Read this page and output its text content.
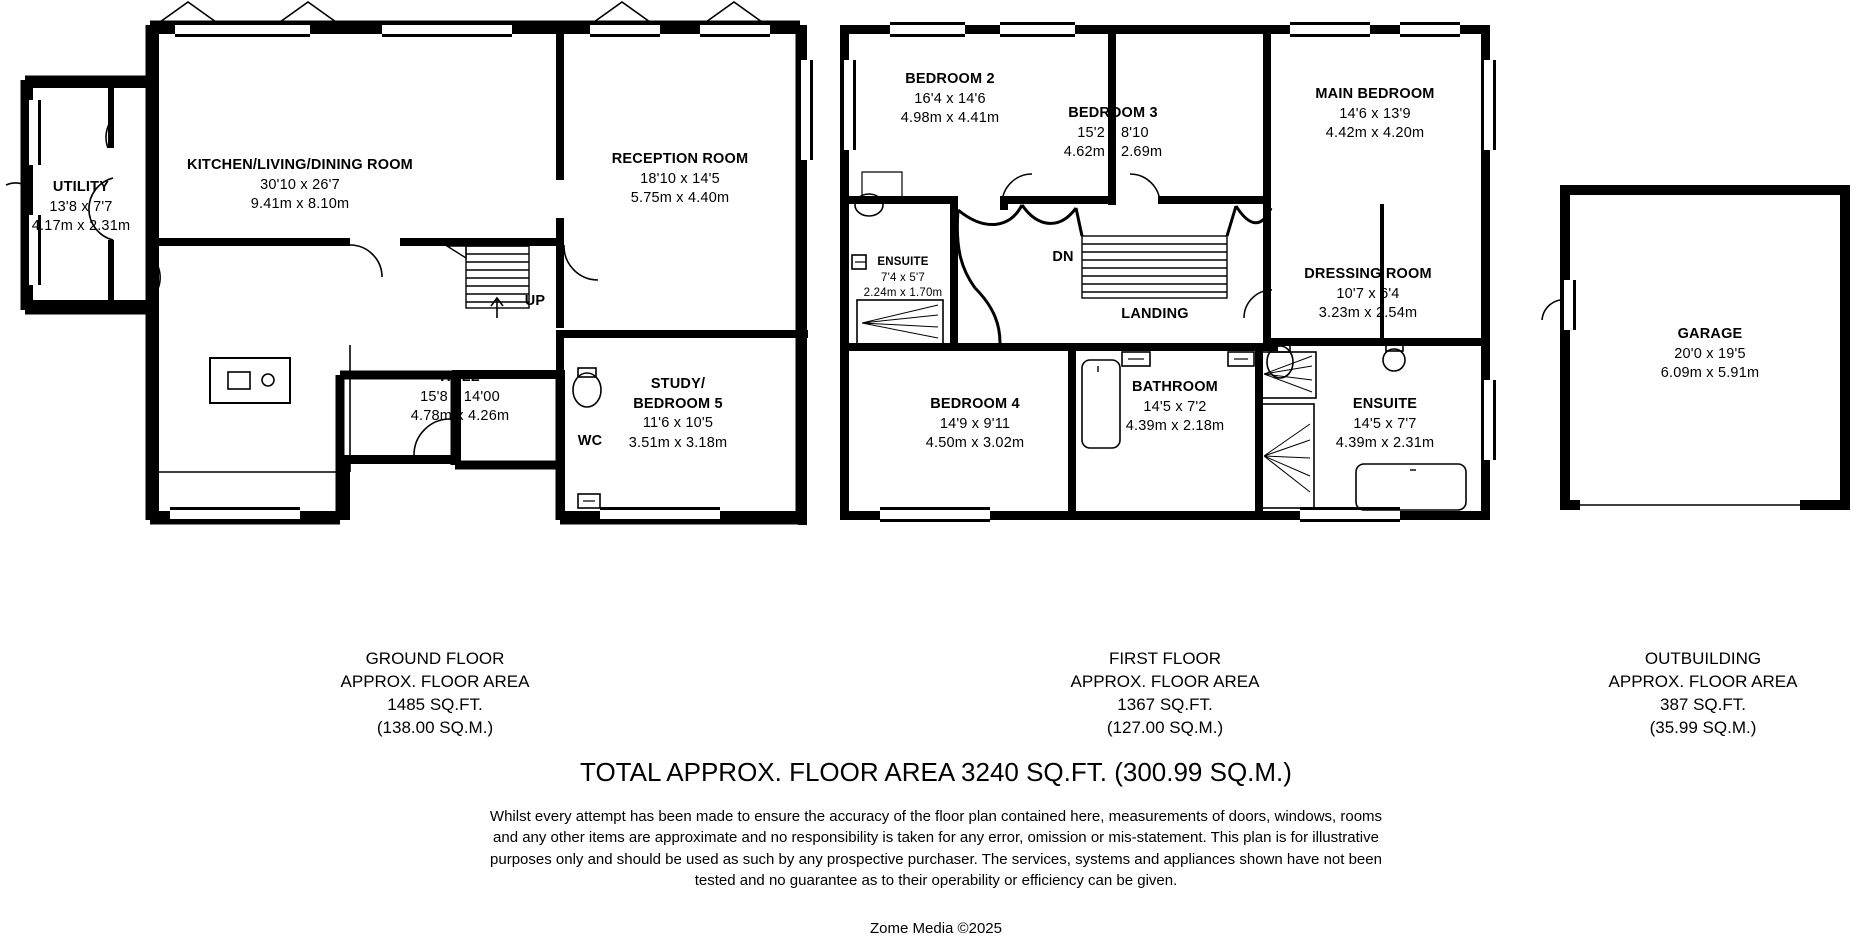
UTILITY
13'8 x 7'7
4.17m x 2.31m
KITCHEN/LIVING/DINING ROOM
30'10 x 26'7
9.41m x 8.10m
RECEPTION ROOM
18'10 x 14'5
5.75m x 4.40m
HALL
15'8 x 14'00
4.78m x 4.26m
STUDY/
BEDROOM 5
11'6 x 10'5
3.51m x 3.18m
WC
UP
BEDROOM 2
16'4 x 14'6
4.98m x 4.41m	BEDROOM 3
15'2 x 8'10
4.62m x 2.69m
MAIN BEDROOM
14'6 x 13'9
4.42m x 4.20m
ENSUITE
7'4 x 5'7
2.24m x 1.70m
DRESSING ROOM
10'7 x 6'4
3.23m x 2.54m
LANDING
BEDROOM 4
14'9 x 9'11
4.50m x 3.02m
BATHROOM
14'5 x 7'2
4.39m x 2.18m
ENSUITE
14'5 x 7'7
4.39m x 2.31m
DN
GARAGE
20'0 x 19'5
6.09m x 5.91m
GROUND FLOOR
APPROX. FLOOR AREA
1485 SQ.FT.
(138.00 SQ.M.)
FIRST FLOOR
APPROX. FLOOR AREA
1367 SQ.FT.
(127.00 SQ.M.)
OUTBUILDING
APPROX. FLOOR AREA
387 SQ.FT.
(35.99 SQ.M.)
TOTAL APPROX. FLOOR AREA 3240 SQ.FT. (300.99 SQ.M.)
Whilst every attempt has been made to ensure the accuracy of the floor plan contained here, measurements of doors, windows, rooms and any other items are approximate and no responsibility is taken for any error, omission or mis-statement. This plan is for illustrative purposes only and should be used as such by any prospective purchaser. The services, systems and appliances shown have not been tested and no guarantee as to their operability or efficiency can be given.
Zome Media ©2025
